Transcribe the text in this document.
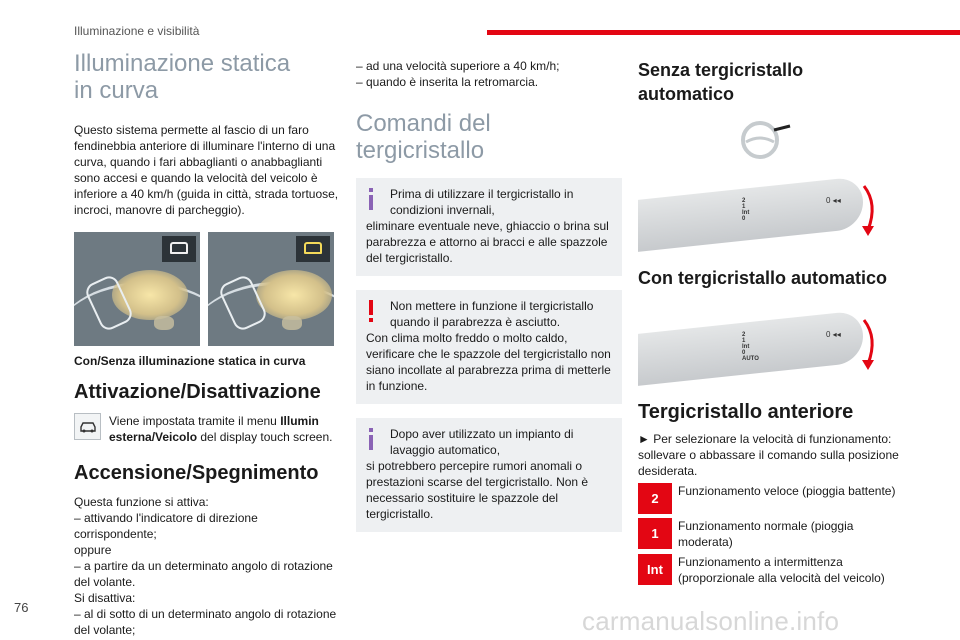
Illuminazione e visibilità
Illuminazione statica in curva
Questo sistema permette al fascio di un faro fendinebbia anteriore di illuminare l'interno di una curva, quando i fari abbaglianti o anabbaglianti sono accesi e quando la velocità del veicolo è inferiore a 40 km/h (guida in città, strada tortuose, incroci, manovre di parcheggio).
Con/Senza illuminazione statica in curva
Attivazione/Disattivazione
Viene impostata tramite il menu Illumin esterna/Veicolo del display touch screen.
Accensione/Spegnimento
Questa funzione si attiva:
– attivando l'indicatore di direzione corrispondente;
oppure
– a partire da un determinato angolo di rotazione del volante.
Si disattiva:
– al di sotto di un determinato angolo di rotazione del volante;
– ad una velocità superiore a 40 km/h;
– quando è inserita la retromarcia.
Comandi del tergicristallo
Prima di utilizzare il tergicristallo in condizioni invernali,
eliminare eventuale neve, ghiaccio o brina sul parabrezza e attorno ai bracci e alle spazzole del tergicristallo.
Non mettere in funzione il tergicristallo quando il parabrezza è asciutto.
Con clima molto freddo o molto caldo, verificare che le spazzole del tergicristallo non siano incollate al parabrezza prima di metterle in funzione.
Dopo aver utilizzato un impianto di lavaggio automatico,
si potrebbero percepire rumori anomali o prestazioni scarse del tergicristallo. Non è necessario sostituire le spazzole del tergicristallo.
Senza tergicristallo automatico
2
1
Int
0
0 ◂◂
Con tergicristallo automatico
2
1
Int
0
AUTO
0 ◂◂
Tergicristallo anteriore
► Per selezionare la velocità di funzionamento: sollevare o abbassare il comando sulla posizione desiderata.
2	Funzionamento veloce (pioggia battente)
1	Funzionamento normale (pioggia moderata)
Int	Funzionamento a intermittenza (proporzionale alla velocità del veicolo)
76	carmanualsonline.info
